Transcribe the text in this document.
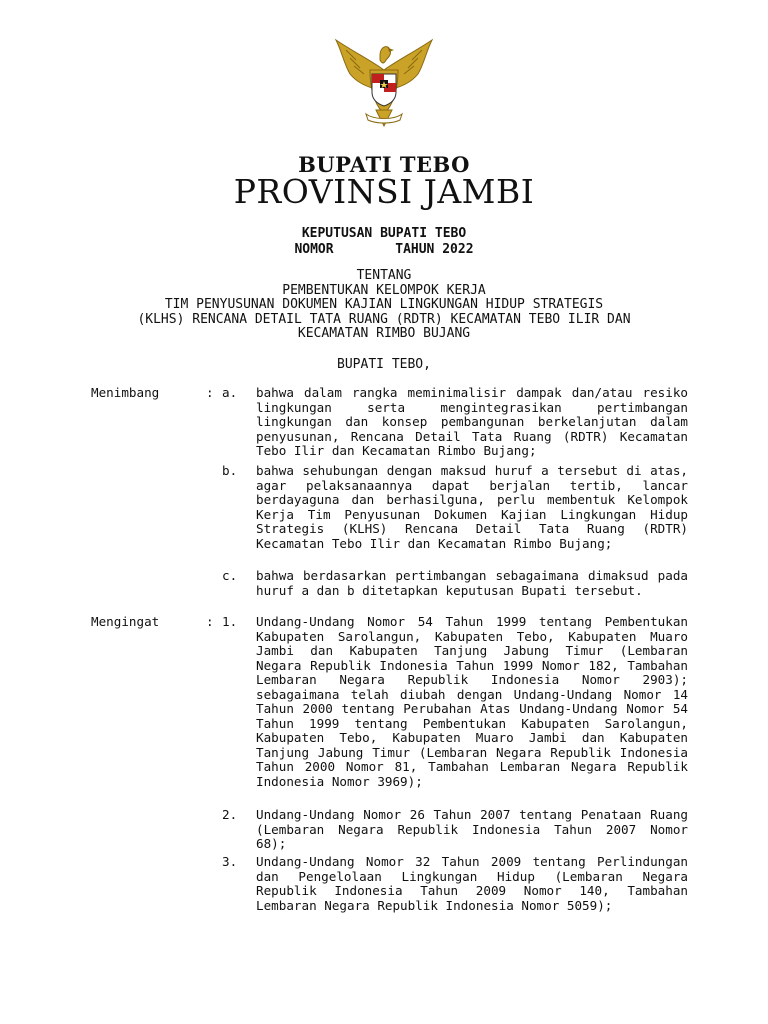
BUPATI TEBO
PROVINSI JAMBI
KEPUTUSAN BUPATI TEBO
NOMOR	TAHUN 2022
TENTANG
PEMBENTUKAN KELOMPOK KERJA
TIM PENYUSUNAN DOKUMEN KAJIAN LINGKUNGAN HIDUP STRATEGIS
(KLHS) RENCANA DETAIL TATA RUANG (RDTR) KECAMATAN TEBO ILIR DAN
KECAMATAN RIMBO BUJANG
BUPATI TEBO,
Menimbang	: a. bahwa dalam rangka meminimalisir dampak dan/atau resiko lingkungan serta mengintegrasikan pertimbangan lingkungan dan konsep pembangunan berkelanjutan dalam penyusunan, Rencana Detail Tata Ruang (RDTR) Kecamatan Tebo Ilir dan Kecamatan Rimbo Bujang;
b. bahwa sehubungan dengan maksud huruf a tersebut di atas, agar pelaksanaannya dapat berjalan tertib, lancar berdayaguna dan berhasilguna, perlu membentuk Kelompok Kerja Tim Penyusunan Dokumen Kajian Lingkungan Hidup Strategis (KLHS) Rencana Detail Tata Ruang (RDTR) Kecamatan Tebo Ilir dan Kecamatan Rimbo Bujang;
c. bahwa berdasarkan pertimbangan sebagaimana dimaksud pada huruf a dan b ditetapkan keputusan Bupati tersebut.
Mengingat	: 1. Undang-Undang Nomor 54 Tahun 1999 tentang Pembentukan Kabupaten Sarolangun, Kabupaten Tebo, Kabupaten Muaro Jambi dan Kabupaten Tanjung Jabung Timur (Lembaran Negara Republik Indonesia Tahun 1999 Nomor 182, Tambahan Lembaran Negara Republik Indonesia Nomor 2903); sebagaimana telah diubah dengan Undang-Undang Nomor 14 Tahun 2000 tentang Perubahan Atas Undang-Undang Nomor 54 Tahun 1999 tentang Pembentukan Kabupaten Sarolangun, Kabupaten Tebo, Kabupaten Muaro Jambi dan Kabupaten Tanjung Jabung Timur (Lembaran Negara Republik Indonesia Tahun 2000 Nomor 81, Tambahan Lembaran Negara Republik Indonesia Nomor 3969);
2. Undang-Undang Nomor 26 Tahun 2007 tentang Penataan Ruang (Lembaran Negara Republik Indonesia Tahun 2007 Nomor 68);
3. Undang-Undang Nomor 32 Tahun 2009 tentang Perlindungan dan Pengelolaan Lingkungan Hidup (Lembaran Negara Republik Indonesia Tahun 2009 Nomor 140, Tambahan Lembaran Negara Republik Indonesia Nomor 5059);
